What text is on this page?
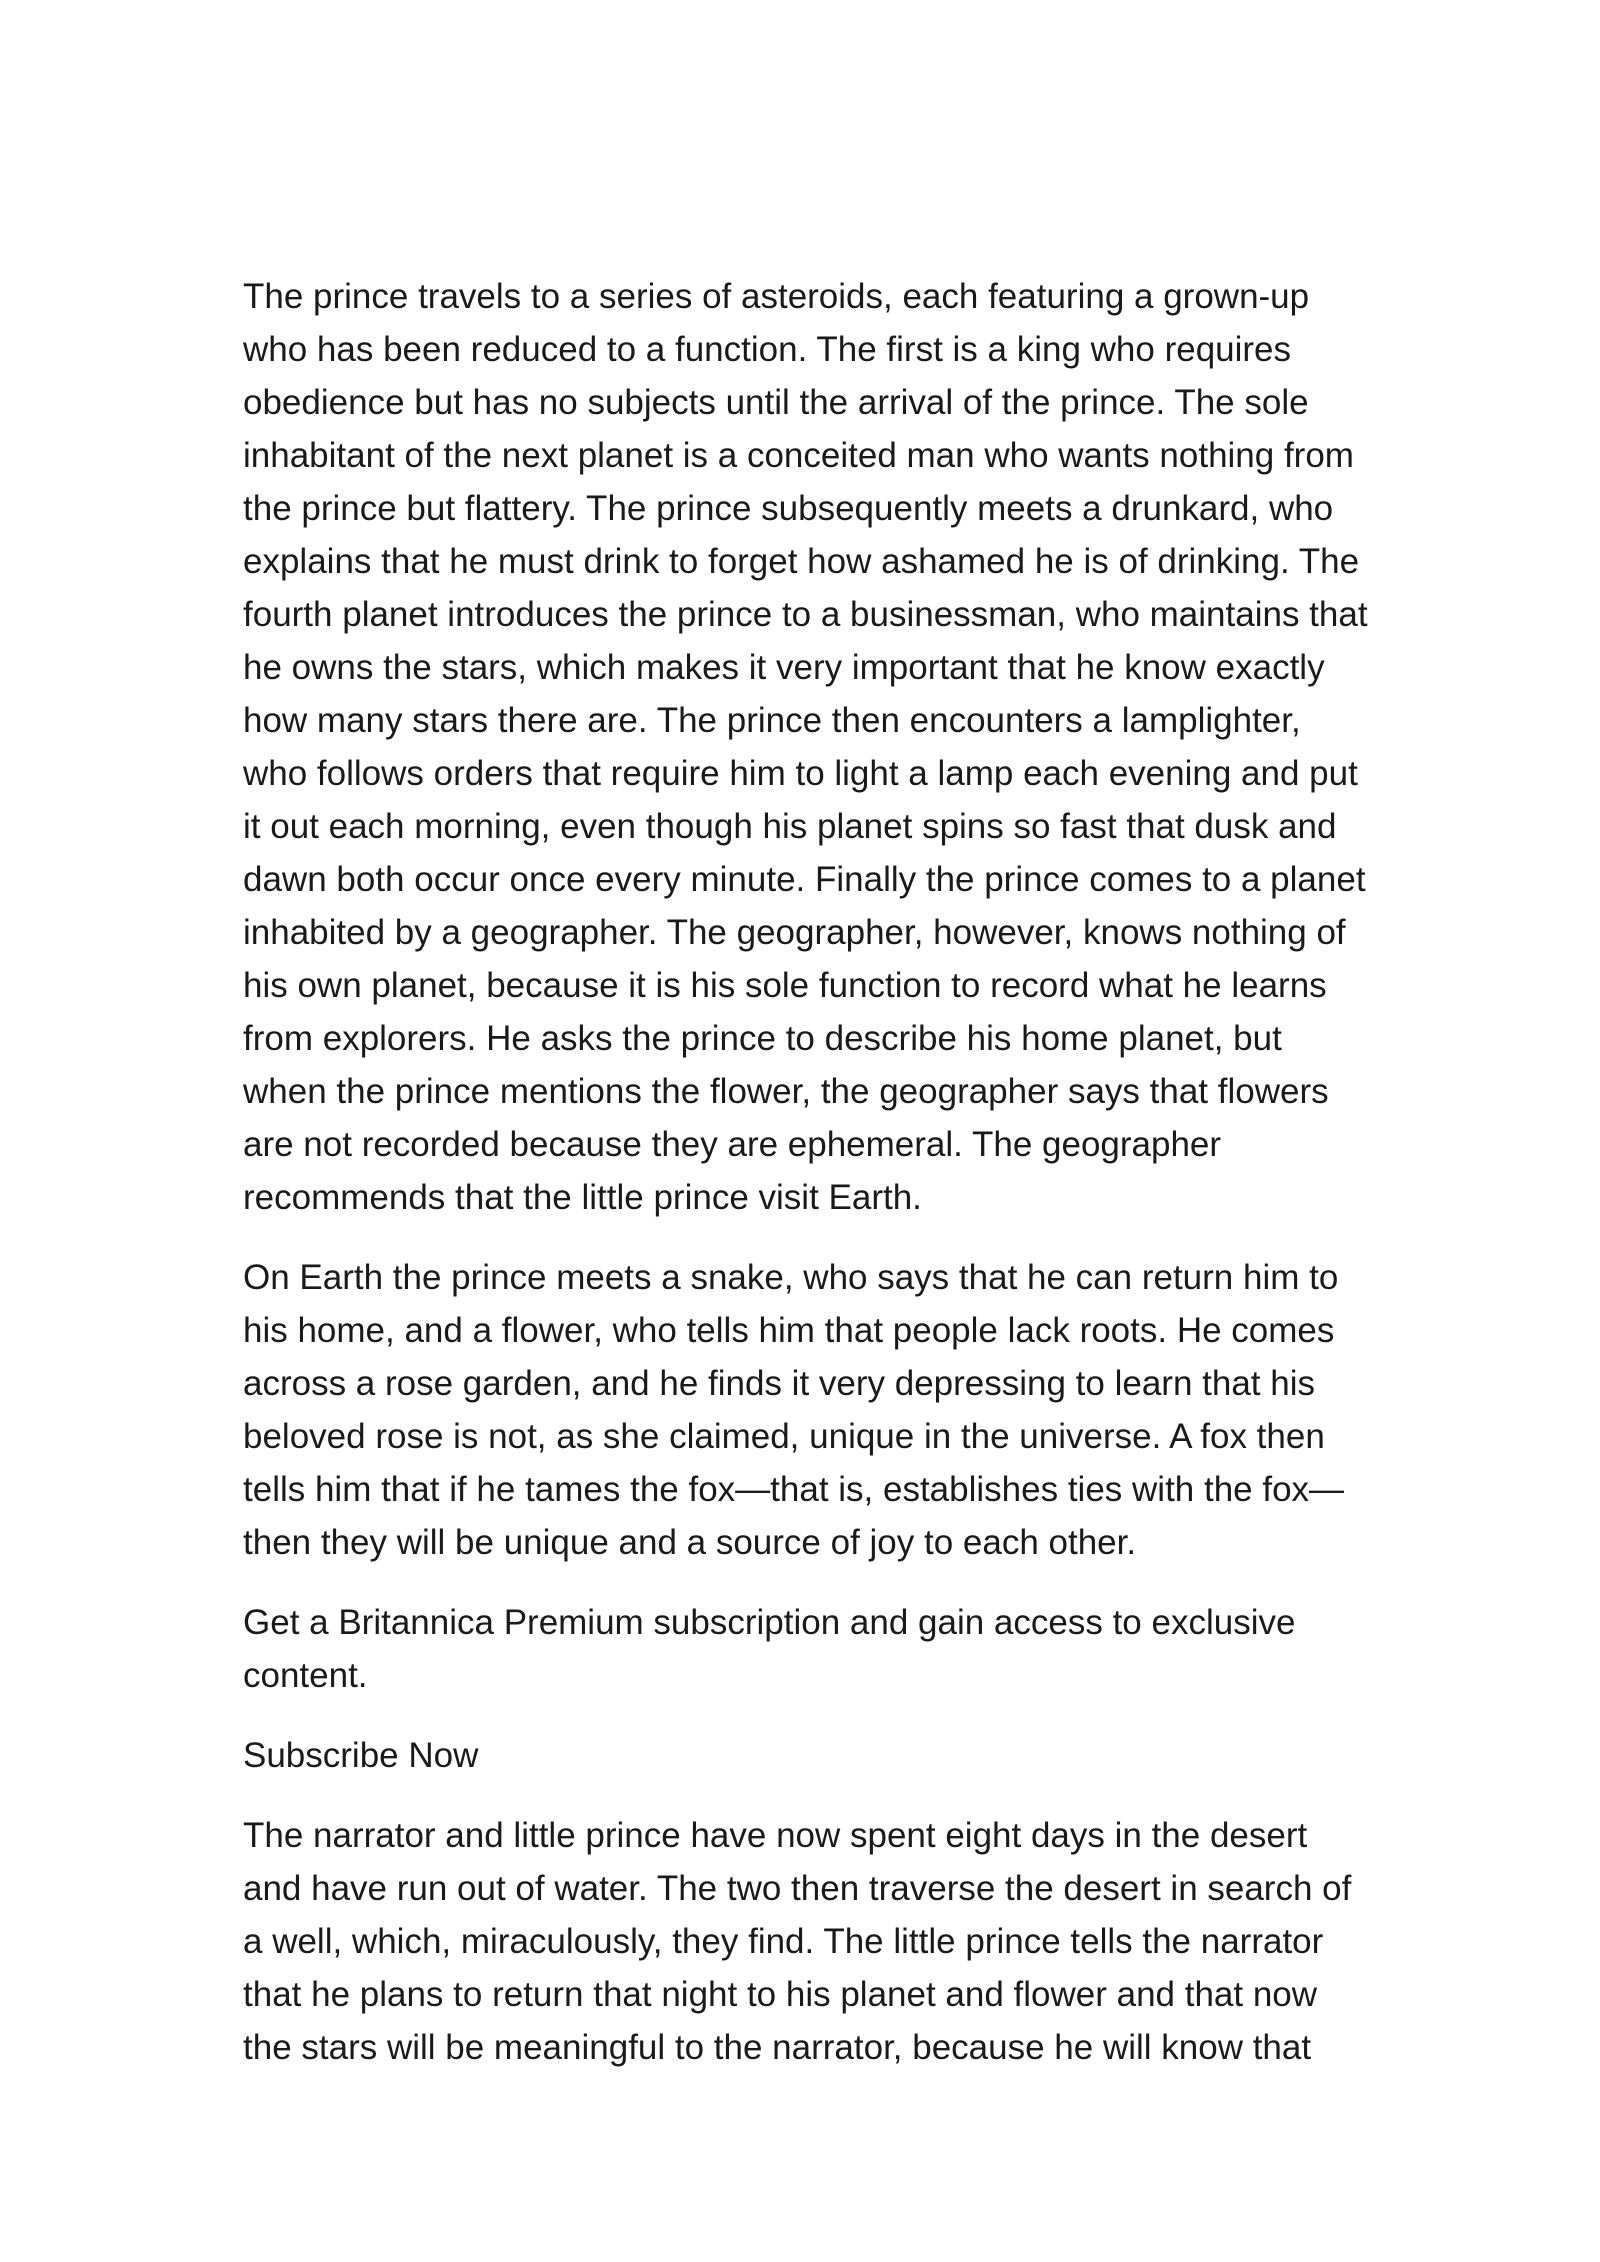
The prince travels to a series of asteroids, each featuring a grown-up who has been reduced to a function. The first is a king who requires obedience but has no subjects until the arrival of the prince. The sole inhabitant of the next planet is a conceited man who wants nothing from the prince but flattery. The prince subsequently meets a drunkard, who explains that he must drink to forget how ashamed he is of drinking. The fourth planet introduces the prince to a businessman, who maintains that he owns the stars, which makes it very important that he know exactly how many stars there are. The prince then encounters a lamplighter, who follows orders that require him to light a lamp each evening and put it out each morning, even though his planet spins so fast that dusk and dawn both occur once every minute. Finally the prince comes to a planet inhabited by a geographer. The geographer, however, knows nothing of his own planet, because it is his sole function to record what he learns from explorers. He asks the prince to describe his home planet, but when the prince mentions the flower, the geographer says that flowers are not recorded because they are ephemeral. The geographer recommends that the little prince visit Earth.

On Earth the prince meets a snake, who says that he can return him to his home, and a flower, who tells him that people lack roots. He comes across a rose garden, and he finds it very depressing to learn that his beloved rose is not, as she claimed, unique in the universe. A fox then tells him that if he tames the fox—that is, establishes ties with the fox—then they will be unique and a source of joy to each other.

Get a Britannica Premium subscription and gain access to exclusive content.

Subscribe Now

The narrator and little prince have now spent eight days in the desert and have run out of water. The two then traverse the desert in search of a well, which, miraculously, they find. The little prince tells the narrator that he plans to return that night to his planet and flower and that now the stars will be meaningful to the narrator, because he will know that
